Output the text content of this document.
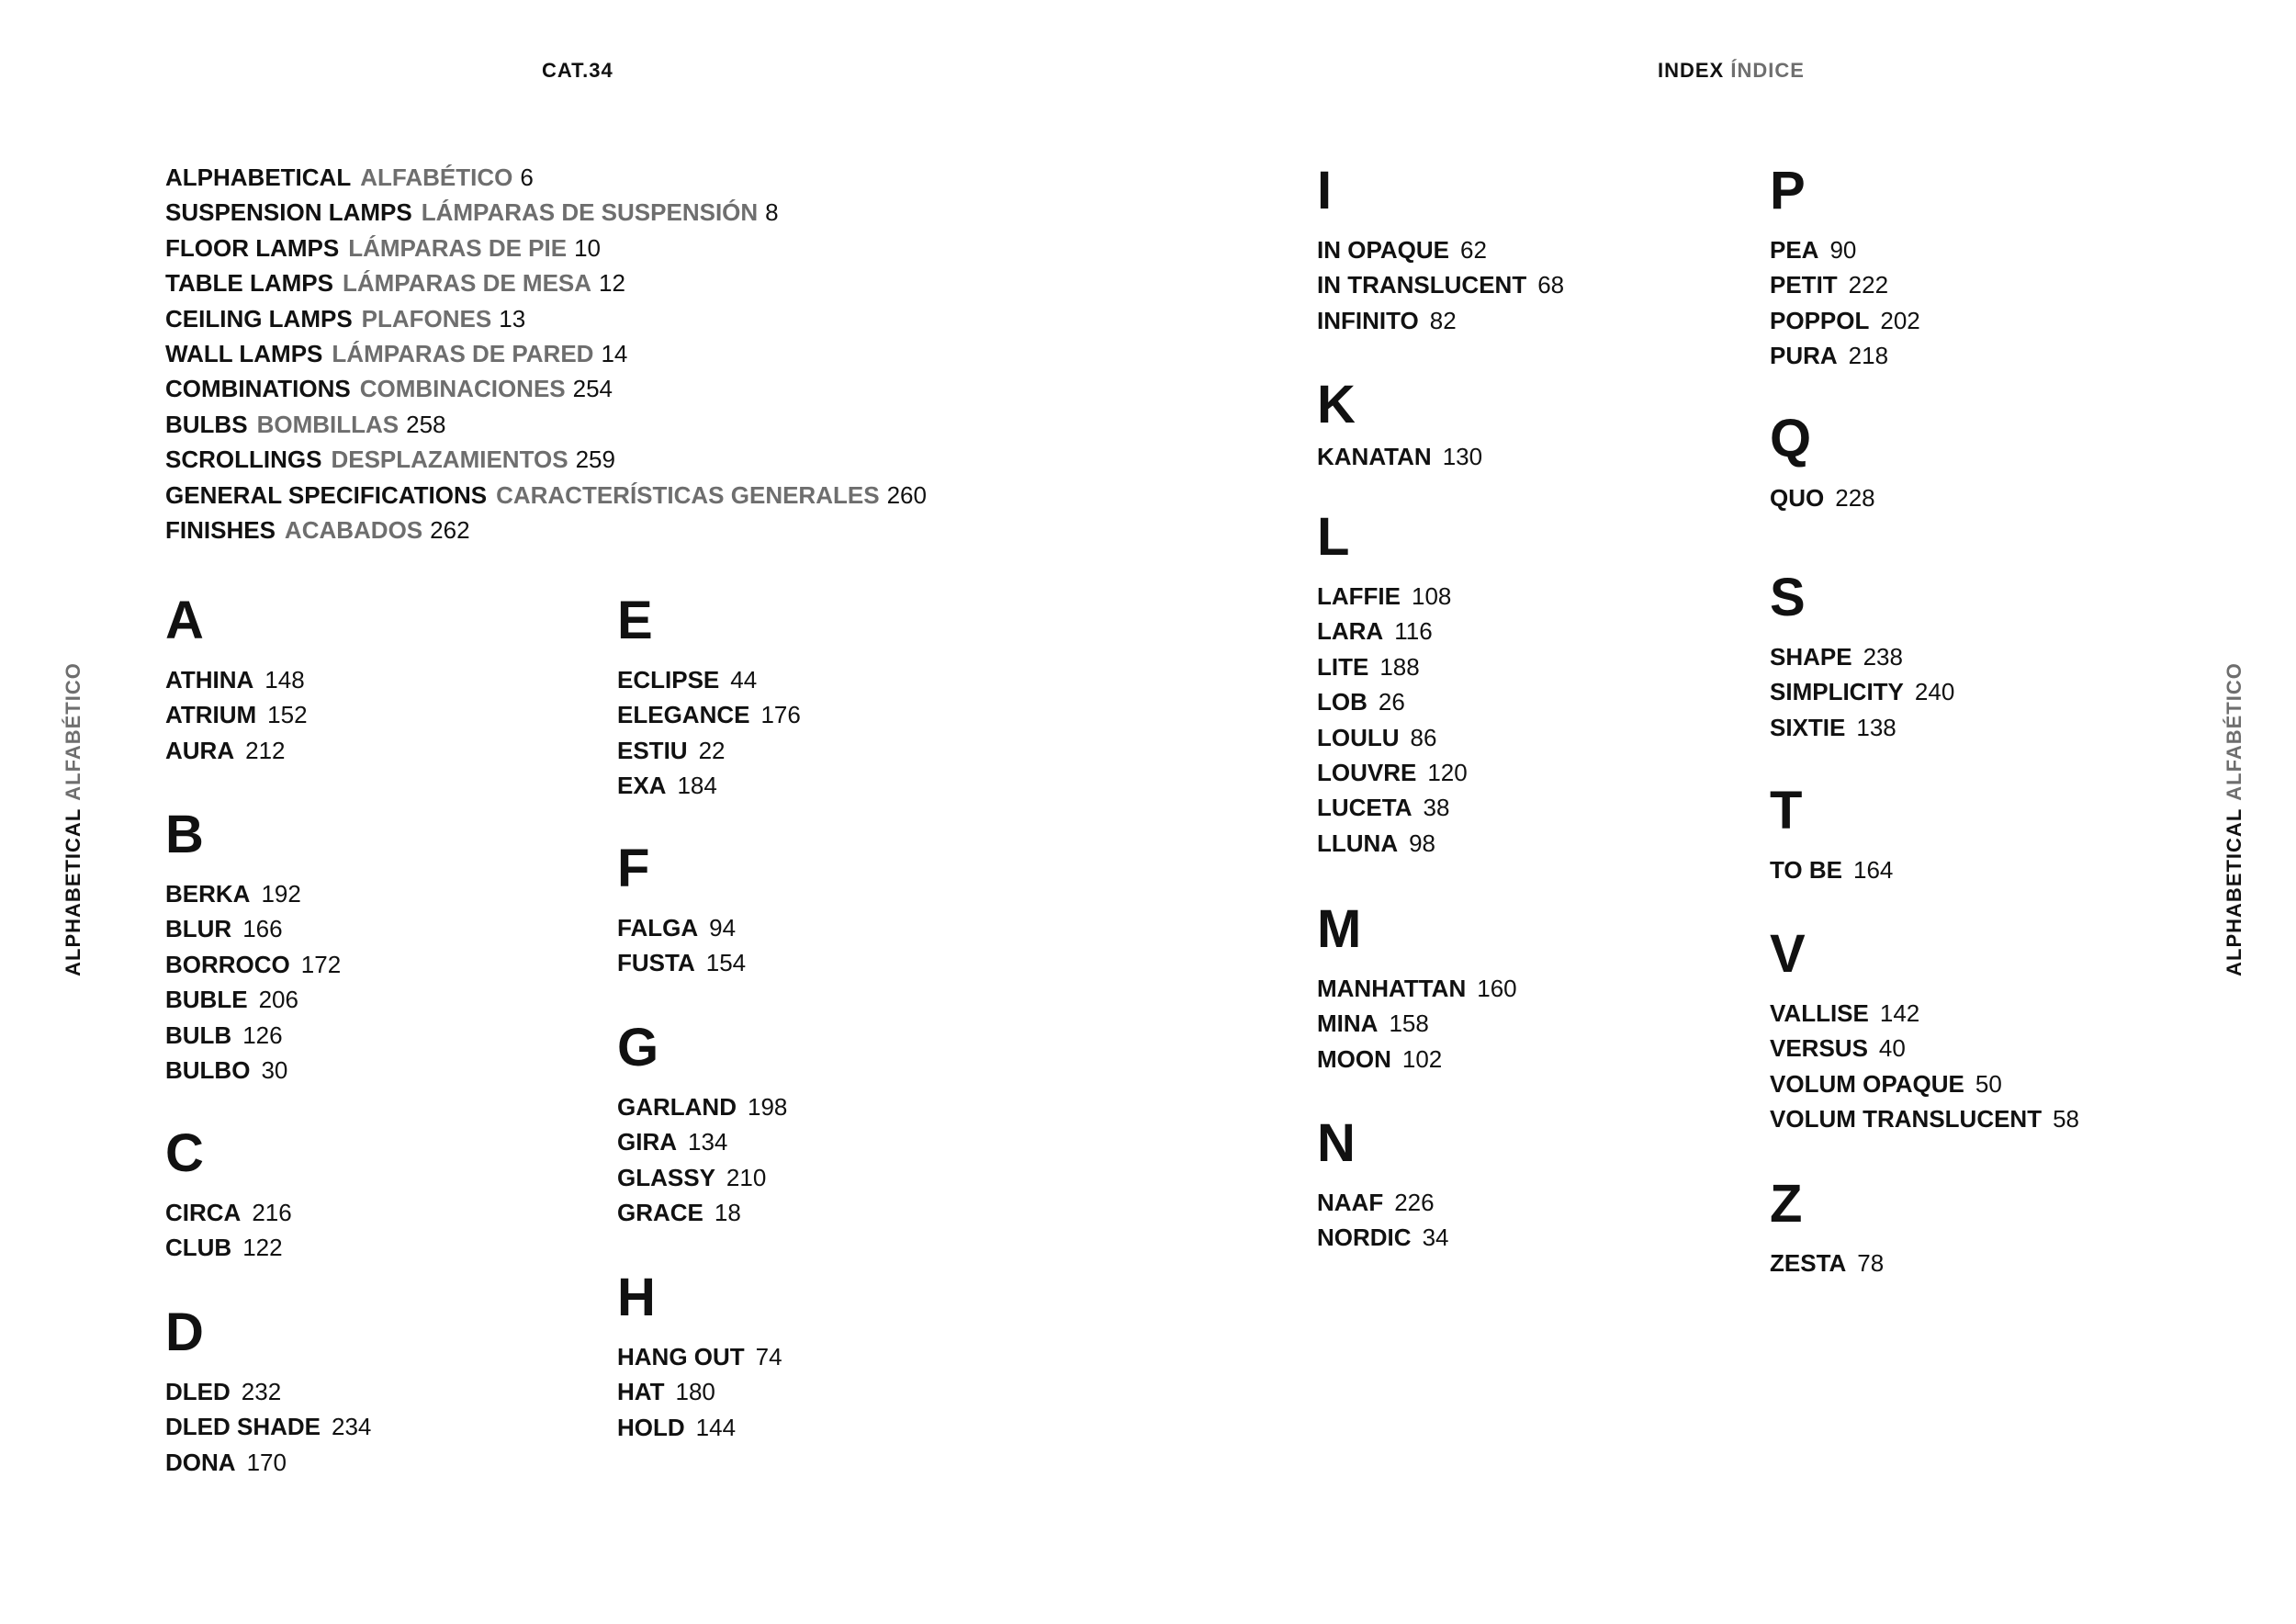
CAT.34	INDEX ÍNDICE
ALPHABETICALALFABÉTICO
ALPHABETICALALFABÉTICO
ALPHABETICAL ALFABÉTICO 6
SUSPENSION LAMPS LÁMPARAS DE SUSPENSIÓN 8
FLOOR LAMPS LÁMPARAS DE PIE 10
TABLE LAMPS LÁMPARAS DE MESA 12
CEILING LAMPS PLAFONES 13
WALL LAMPS LÁMPARAS DE PARED 14
COMBINATIONS COMBINACIONES 254
BULBS BOMBILLAS 258
SCROLLINGS DESPLAZAMIENTOS 259
GENERAL SPECIFICATIONS CARACTERÍSTICAS GENERALES 260
FINISHES ACABADOS 262
A
ATHINA 148
ATRIUM 152
AURA 212
B
BERKA 192
BLUR 166
BORROCO 172
BUBLE 206
BULB 126
BULBO 30
C
CIRCA 216
CLUB 122
D
DLED 232
DLED SHADE 234
DONA 170
E
ECLIPSE 44
ELEGANCE 176
ESTIU 22
EXA 184
F
FALGA 94
FUSTA 154
G
GARLAND 198
GIRA 134
GLASSY 210
GRACE 18
H
HANG OUT 74
HAT 180
HOLD 144
I
IN OPAQUE 62
IN TRANSLUCENT 68
INFINITO 82
K
KANATAN 130
L
LAFFIE 108
LARA 116
LITE 188
LOB 26
LOULU 86
LOUVRE 120
LUCETA 38
LLUNA 98
M
MANHATTAN 160
MINA 158
MOON 102
N
NAAF 226
NORDIC 34
P
PEA 90
PETIT 222
POPPOL 202
PURA 218
Q
QUO 228
S
SHAPE 238
SIMPLICITY 240
SIXTIE 138
T
TO BE 164
V
VALLISE 142
VERSUS 40
VOLUM OPAQUE 50
VOLUM TRANSLUCENT 58
Z
ZESTA 78
